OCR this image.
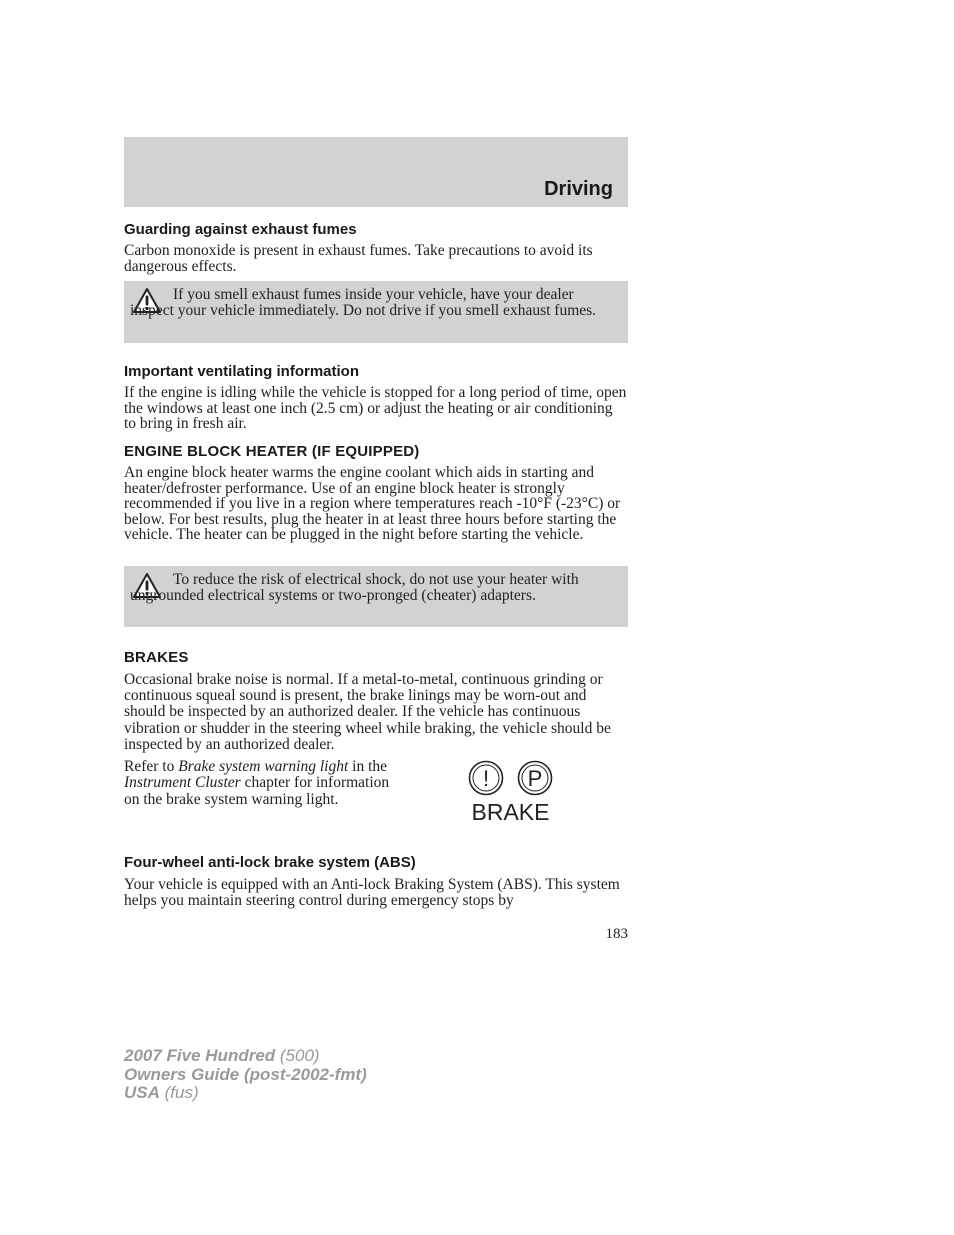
Driving
Guarding against exhaust fumes
Carbon monoxide is present in exhaust fumes. Take precautions to avoid its dangerous effects.
If you smell exhaust fumes inside your vehicle, have your dealer inspect your vehicle immediately. Do not drive if you smell exhaust fumes.
Important ventilating information
If the engine is idling while the vehicle is stopped for a long period of time, open the windows at least one inch (2.5 cm) or adjust the heating or air conditioning to bring in fresh air.
ENGINE BLOCK HEATER (IF EQUIPPED)
An engine block heater warms the engine coolant which aids in starting and heater/defroster performance. Use of an engine block heater is strongly recommended if you live in a region where temperatures reach -10°F (-23°C) or below. For best results, plug the heater in at least three hours before starting the vehicle. The heater can be plugged in the night before starting the vehicle.
To reduce the risk of electrical shock, do not use your heater with ungrounded electrical systems or two-pronged (cheater) adapters.
BRAKES
Occasional brake noise is normal. If a metal-to-metal, continuous grinding or continuous squeal sound is present, the brake linings may be worn-out and should be inspected by an authorized dealer. If the vehicle has continuous vibration or shudder in the steering wheel while braking, the vehicle should be inspected by an authorized dealer.
Refer to Brake system warning light in the Instrument Cluster chapter for information on the brake system warning light.
! P
BRAKE
Four-wheel anti-lock brake system (ABS)
Your vehicle is equipped with an Anti-lock Braking System (ABS). This system helps you maintain steering control during emergency stops by
183
2007 Five Hundred (500)
Owners Guide (post-2002-fmt)
USA (fus)
